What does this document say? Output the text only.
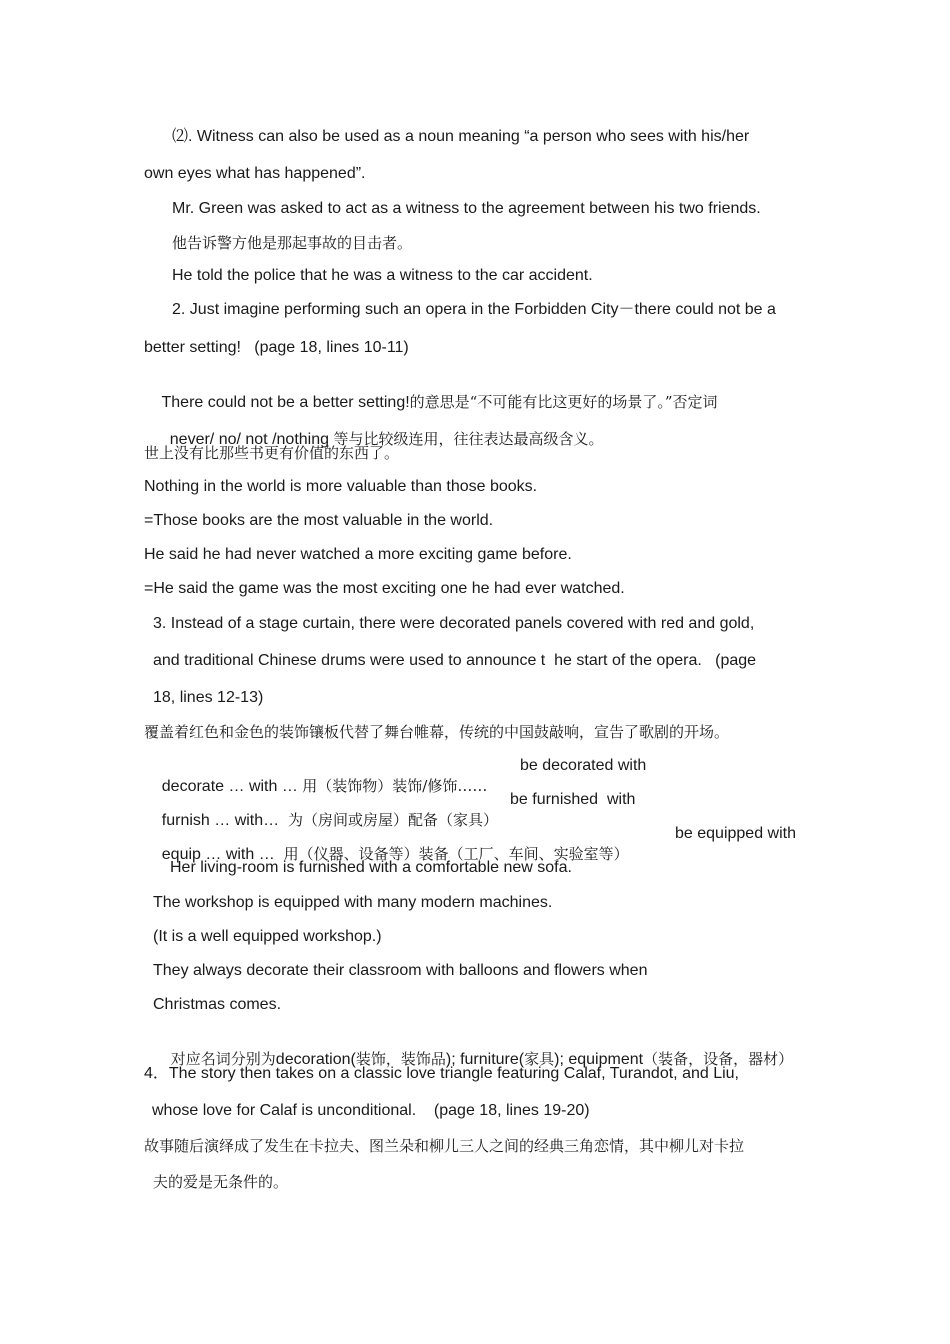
⑵. Witness can also be used as a noun meaning “a person who sees with his/her
own eyes what has happened”.
Mr. Green was asked to act as a witness to the agreement between his two friends.
他告诉警方他是那起事故的目击者。
He told the police that he was a witness to the car accident.
2. Just imagine performing such an opera in the Forbidden City－there could not be a
better setting!   (page 18, lines 10-11)

There could not be a better setting!的意思是“不可能有比这更好的场景了。”否定词

never/ no/ not /nothing 等与比较级连用，往往表达最高级含义。

世上没有比那些书更有价值的东西了。
Nothing in the world is more valuable than those books.
=Those books are the most valuable in the world.
He said he had never watched a more exciting game before.
=He said the game was the most exciting one he had ever watched.
3. Instead of a stage curtain, there were decorated panels covered with red and gold,
and traditional Chinese drums were used to announce t  he start of the opera.   (page
18, lines 12-13)
覆盖着红色和金色的装饰镶板代替了舞台帷幕，传统的中国鼓敲响，宣告了歌剧的开场。

decorate … with … 用（装饰物）装饰/修饰……

be decorated with

furnish … with…  为（房间或房屋）配备（家具）

be furnished  with

equip … with …  用（仪器、设备等）装备（工厂、车间、实验室等）

be equipped with
Her living-room is furnished with a comfortable new sofa.
The workshop is equipped with many modern machines.
(It is a well equipped workshop.)
They always decorate their classroom with balloons and flowers when
Christmas comes.

对应名词分别为decoration(装饰，装饰品); furniture(家具); equipment（装备，设备，器材）

4．The story then takes on a classic love triangle featuring Calaf, Turandot, and Liu,
whose love for Calaf is unconditional.    (page 18, lines 19-20)
故事随后演绎成了发生在卡拉夫、图兰朵和柳儿三人之间的经典三角恋情，其中柳儿对卡拉
夫的爱是无条件的。
